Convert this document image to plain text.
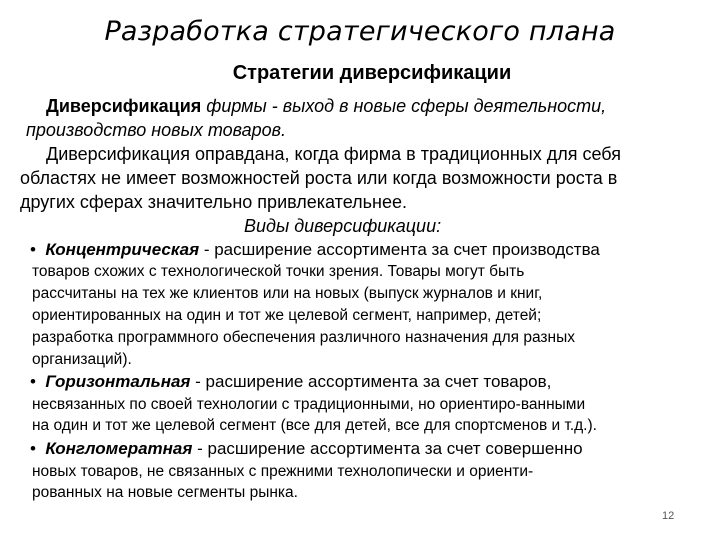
Разработка стратегического плана
Стратегии диверсификации
Диверсификация фирмы - выход в новые сферы деятельности,
производство новых товаров.
Диверсификация оправдана, когда фирма в традиционных для себя
областях не имеет возможностей роста или когда возможности роста в
других сферах значительно привлекательнее.
Виды диверсификации:
• Концентрическая - расширение ассортимента за счет производства
товаров схожих с технологической точки зрения. Товары могут быть
рассчитаны на тех же клиентов или на новых (выпуск журналов и книг,
ориентированных на один и тот же целевой сегмент, например, детей;
разработка программного обеспечения различного назначения для разных
организаций).
• Горизонтальная - расширение ассортимента за счет товаров,
несвязанных по своей технологии с традиционными, но ориентиро-ванными
на один и тот же целевой сегмент (все для детей, все для спортсменов и т.д.).
• Конгломератная - расширение ассортимента за счет совершенно
новых товаров, не связанных с прежними технолопически и ориенти-
рованных на новые сегменты рынка.
12
